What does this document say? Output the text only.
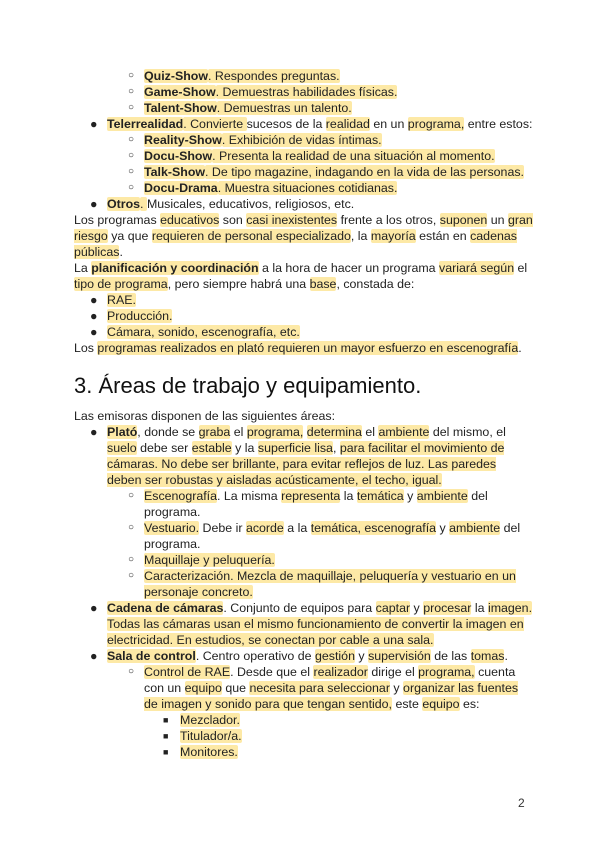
○ Quiz-Show. Respondes preguntas.
○ Game-Show. Demuestras habilidades físicas.
○ Talent-Show. Demuestras un talento.
● Telerrealidad. Convierte sucesos de la realidad en un programa, entre estos:
○ Reality-Show. Exhibición de vidas íntimas.
○ Docu-Show. Presenta la realidad de una situación al momento.
○ Talk-Show. De tipo magazine, indagando en la vida de las personas.
○ Docu-Drama. Muestra situaciones cotidianas.
● Otros. Musicales, educativos, religiosos, etc.

Los programas educativos son casi inexistentes frente a los otros, suponen un gran riesgo ya que requieren de personal especializado, la mayoría están en cadenas públicas.

La planificación y coordinación a la hora de hacer un programa variará según el tipo de programa, pero siempre habrá una base, constada de:

● RAE.
● Producción.
● Cámara, sonido, escenografía, etc.

Los programas realizados en plató requieren un mayor esfuerzo en escenografía.

3. Áreas de trabajo y equipamiento.

Las emisoras disponen de las siguientes áreas:

● Plató, donde se graba el programa, determina el ambiente del mismo, el suelo debe ser estable y la superficie lisa, para facilitar el movimiento de cámaras. No debe ser brillante, para evitar reflejos de luz. Las paredes deben ser robustas y aisladas acústicamente, el techo, igual.
○ Escenografía. La misma representa la temática y ambiente del programa.
○ Vestuario. Debe ir acorde a la temática, escenografía y ambiente del programa.
○ Maquillaje y peluquería.
○ Caracterización. Mezcla de maquillaje, peluquería y vestuario en un personaje concreto.
● Cadena de cámaras. Conjunto de equipos para captar y procesar la imagen. Todas las cámaras usan el mismo funcionamiento de convertir la imagen en electricidad. En estudios, se conectan por cable a una sala.
● Sala de control. Centro operativo de gestión y supervisión de las tomas.
○ Control de RAE. Desde que el realizador dirige el programa, cuenta con un equipo que necesita para seleccionar y organizar las fuentes de imagen y sonido para que tengan sentido, este equipo es:
■ Mezclador.
■ Titulador/a.
■ Monitores.
2
